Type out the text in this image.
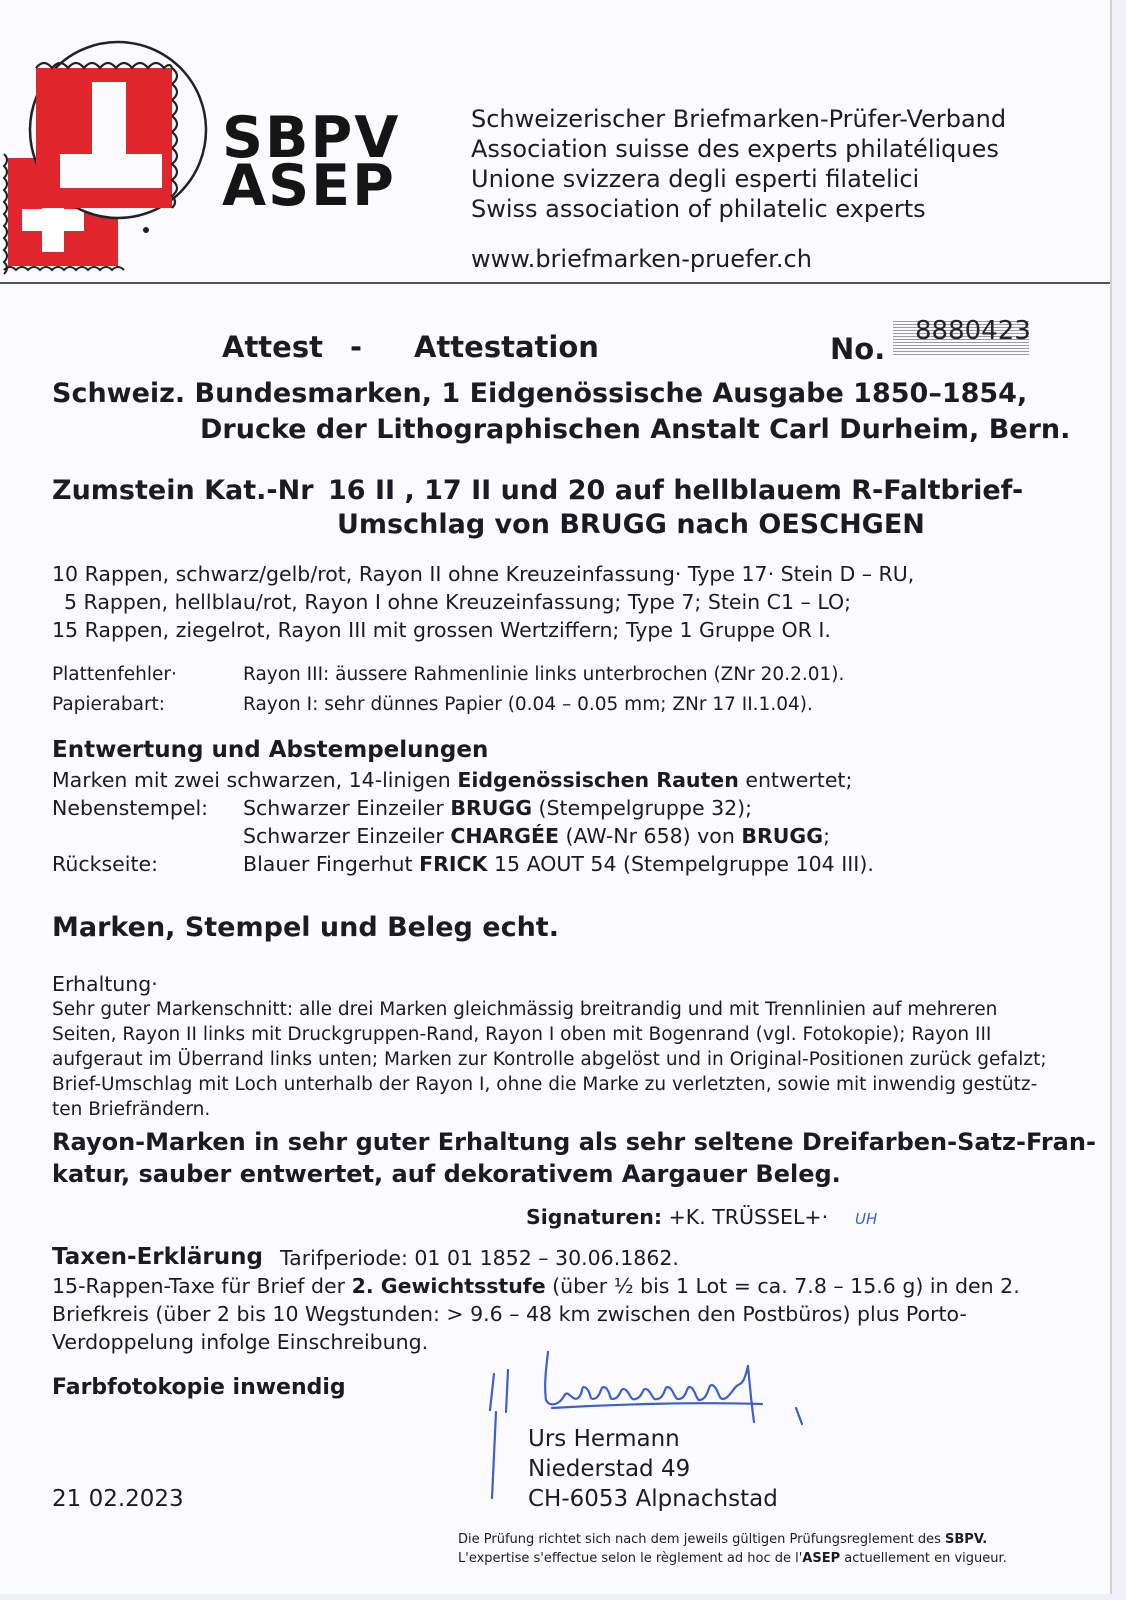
SBPV
ASEP
Schweizerischer Briefmarken-Prüfer-Verband
Association suisse des experts philatéliques
Unione svizzera degli esperti filatelici
Swiss association of philatelic experts
www.briefmarken-pruefer.ch
Attest - Attestation	No.
8880423
Schweiz. Bundesmarken, 1 Eidgenössische Ausgabe 1850–1854,
Drucke der Lithographischen Anstalt Carl Durheim, Bern.
Zumstein Kat.-Nr 16 II , 17 II und 20 auf hellblauem R-Faltbrief-
Umschlag von BRUGG nach OESCHGEN
10 Rappen, schwarz/gelb/rot, Rayon II ohne Kreuzeinfassung· Type 17· Stein D – RU,
5 Rappen, hellblau/rot, Rayon I ohne Kreuzeinfassung; Type 7; Stein C1 – LO;
15 Rappen, ziegelrot, Rayon III mit grossen Wertziffern; Type 1 Gruppe OR I.
Plattenfehler·	Rayon III: äussere Rahmenlinie links unterbrochen (ZNr 20.2.01).
Papierabart:	Rayon I: sehr dünnes Papier (0.04 – 0.05 mm; ZNr 17 II.1.04).
Entwertung und Abstempelungen
Marken mit zwei schwarzen, 14-linigen Eidgenössischen Rauten entwertet;
Nebenstempel: Schwarzer Einzeiler BRUGG (Stempelgruppe 32);
Schwarzer Einzeiler CHARGÉE (AW-Nr 658) von BRUGG;
Rückseite:	Blauer Fingerhut FRICK 15 AOUT 54 (Stempelgruppe 104 III).
Marken, Stempel und Beleg echt.
Erhaltung·
Sehr guter Markenschnitt: alle drei Marken gleichmässig breitrandig und mit Trennlinien auf mehreren
Seiten, Rayon II links mit Druckgruppen-Rand, Rayon I oben mit Bogenrand (vgl. Fotokopie); Rayon III
aufgeraut im Überrand links unten; Marken zur Kontrolle abgelöst und in Original-Positionen zurück gefalzt;
Brief-Umschlag mit Loch unterhalb der Rayon I, ohne die Marke zu verletzten, sowie mit inwendig gestütz-
ten Briefrändern.
Rayon-Marken in sehr guter Erhaltung als sehr seltene Dreifarben-Satz-Fran-
katur, sauber entwertet, auf dekorativem Aargauer Beleg.
Signaturen: +K. TRÜSSEL+· UH
Taxen-Erklärung Tarifperiode: 01 01 1852 – 30.06.1862.
15-Rappen-Taxe für Brief der 2. Gewichtsstufe (über ½ bis 1 Lot = ca. 7.8 – 15.6 g) in den 2.
Briefkreis (über 2 bis 10 Wegstunden: > 9.6 – 48 km zwischen den Postbüros) plus Porto-
Verdoppelung infolge Einschreibung.
Farbfotokopie inwendig
Urs Hermann
Niederstad 49
CH-6053 Alpnachstad
21 02.2023
Die Prüfung richtet sich nach dem jeweils gültigen Prüfungsreglement des SBPV.
L'expertise s'effectue selon le règlement ad hoc de l'ASEP actuellement en vigueur.
